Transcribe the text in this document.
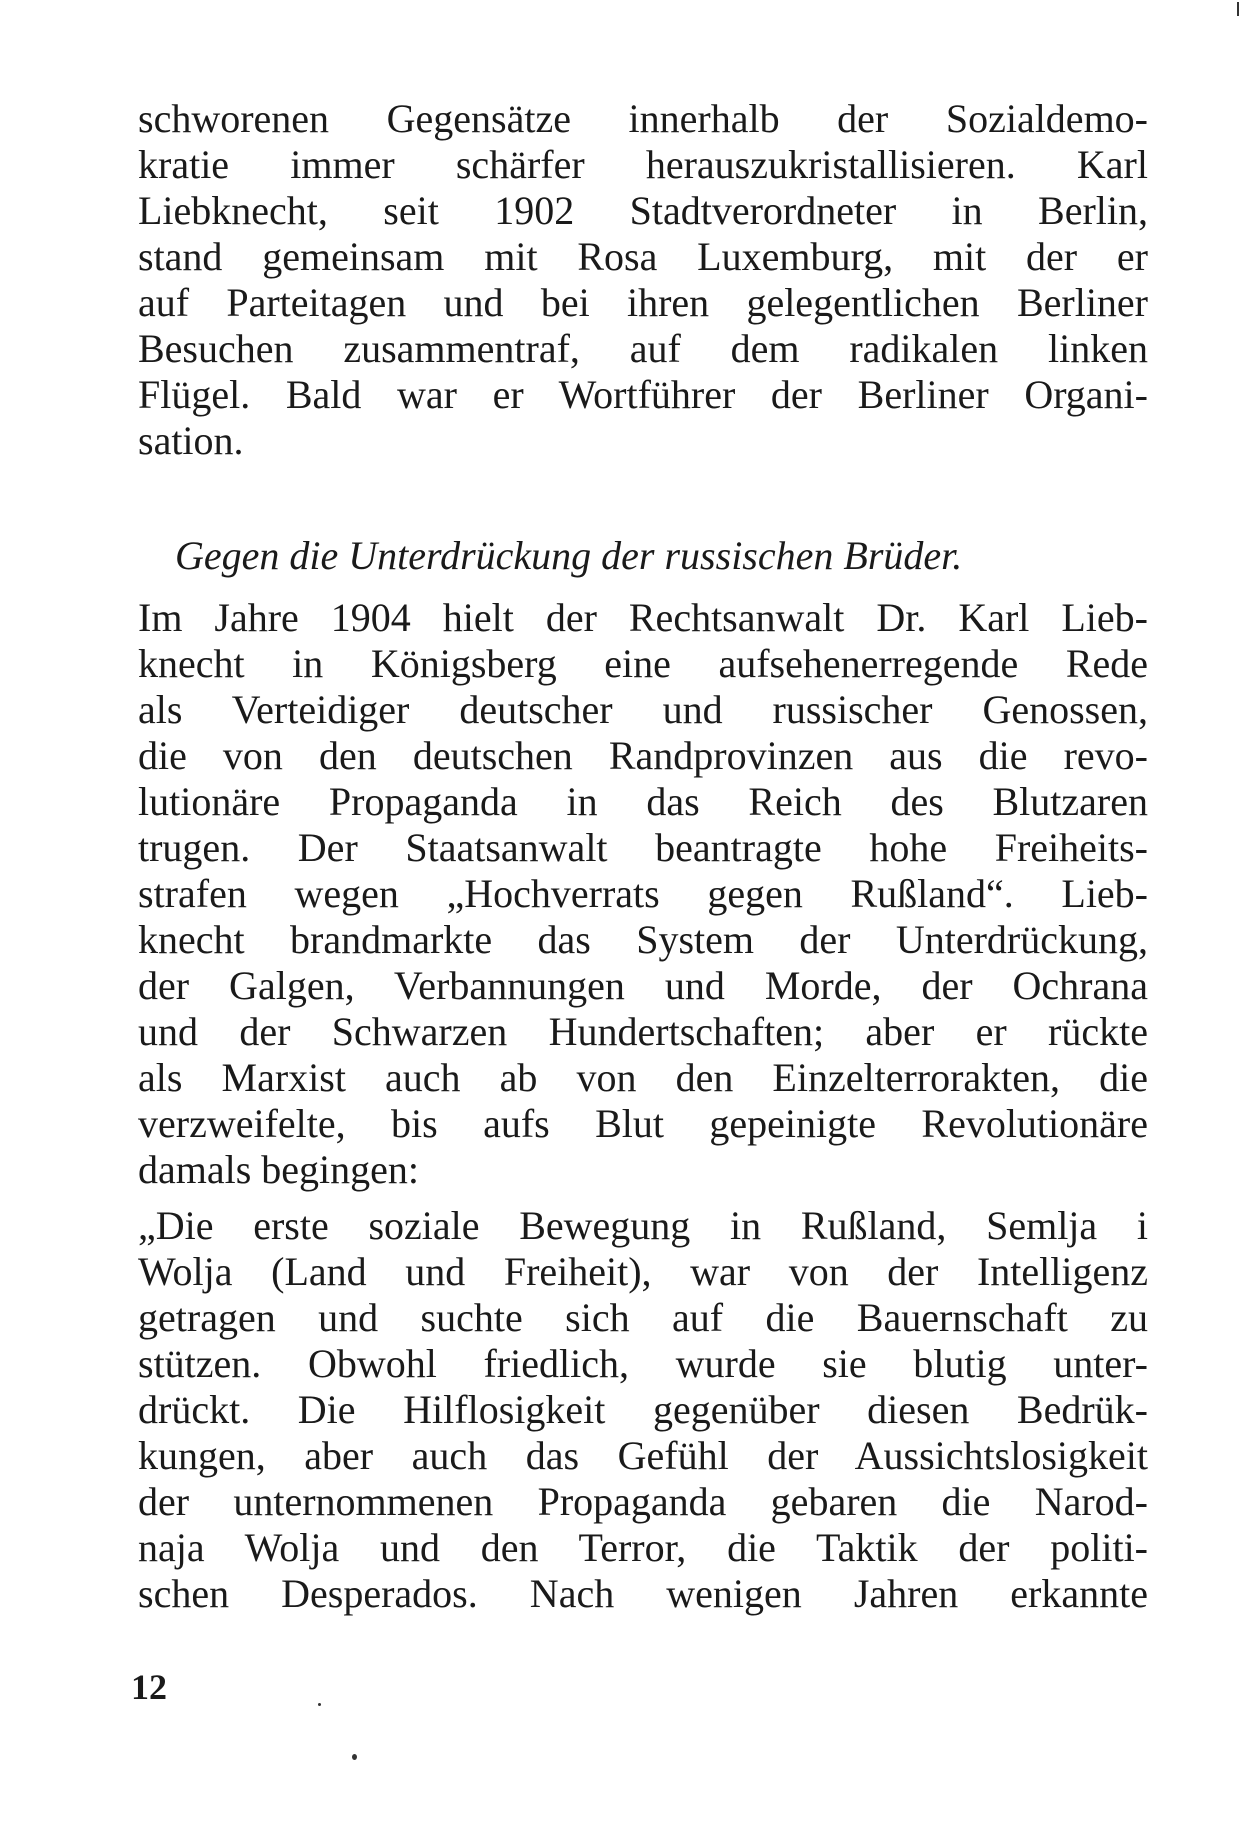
schworenen Gegensätze innerhalb der Sozialdemo-
kratie immer schärfer herauszukristallisieren. Karl
Liebknecht, seit 1902 Stadtverordneter in Berlin,
stand gemeinsam mit Rosa Luxemburg, mit der er
auf Parteitagen und bei ihren gelegentlichen Berliner
Besuchen zusammentraf, auf dem radikalen linken
Flügel. Bald war er Wortführer der Berliner Organi-
sation.
Gegen die Unterdrückung der russischen Brüder.
Im Jahre 1904 hielt der Rechtsanwalt Dr. Karl Lieb-
knecht in Königsberg eine aufsehenerregende Rede
als Verteidiger deutscher und russischer Genossen,
die von den deutschen Randprovinzen aus die revo-
lutionäre Propaganda in das Reich des Blutzaren
trugen. Der Staatsanwalt beantragte hohe Freiheits-
strafen wegen „Hochverrats gegen Rußland“. Lieb-
knecht brandmarkte das System der Unterdrückung,
der Galgen, Verbannungen und Morde, der Ochrana
und der Schwarzen Hundertschaften; aber er rückte
als Marxist auch ab von den Einzelterrorakten, die
verzweifelte, bis aufs Blut gepeinigte Revolutionäre
damals begingen:
„Die erste soziale Bewegung in Rußland, Semlja i
Wolja (Land und Freiheit), war von der Intelligenz
getragen und suchte sich auf die Bauernschaft zu
stützen. Obwohl friedlich, wurde sie blutig unter-
drückt. Die Hilflosigkeit gegenüber diesen Bedrük-
kungen, aber auch das Gefühl der Aussichtslosigkeit
der unternommenen Propaganda gebaren die Narod-
naja Wolja und den Terror, die Taktik der politi-
schen Desperados. Nach wenigen Jahren erkannte
12
